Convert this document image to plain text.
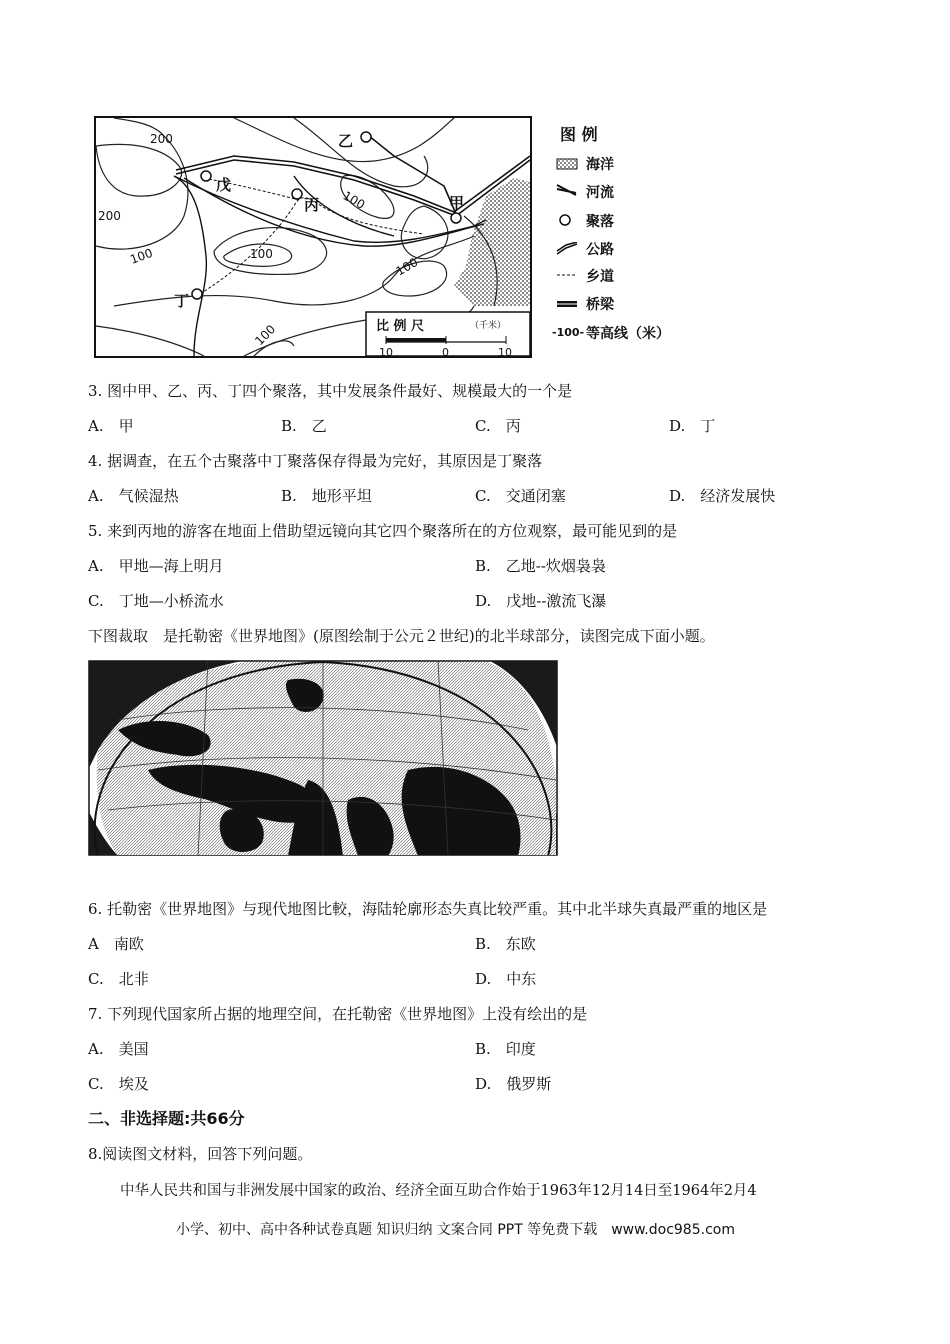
甲
乙
丙
丁
戊
200
200
100
100
100
100
100	比 例 尺	（千米）
10	0	10
图 例
海洋
河流
聚落
公路
乡道
桥梁
-100- 等高线（米）
3. 图中甲、乙、丙、丁四个聚落，其中发展条件最好、规模最大的一个是
A.　甲	B.　乙	C.　丙	D.　丁
4. 据调查，在五个古聚落中丁聚落保存得最为完好，其原因是丁聚落
A.　气候湿热	B.　地形平坦	C.　交通闭塞	D.　经济发展快
5. 来到丙地的游客在地面上借助望远镜向其它四个聚落所在的方位观察，最可能见到的是
A.　甲地—海上明月	B.　乙地--炊烟袅袅
C.　丁地—小桥流水	D.　戊地--激流飞瀑
下图裁取　是托勒密《世界地图》(原图绘制于公元２世纪)的北半球部分，读图完成下面小题。
6. 托勒密《世界地图》与现代地图比較，海陆轮廓形态失真比较严重。其中北半球失真最严重的地区是
A　南欧	B.　东欧
C.　北非	D.　中东
7. 下列现代国家所占据的地理空间，在托勒密《世界地图》上没有绘出的是
A.　美国	B.　印度
C.　埃及	D.　俄罗斯
二、非选择题:共66分
8.阅读图文材料，回答下列问题。
中华人民共和国与非洲发展中国家的政治、经济全面互助合作始于1963年12月14日至1964年2月4
小学、初中、高中各种试卷真题 知识归纳 文案合同 PPT 等免费下载　www.doc985.com
